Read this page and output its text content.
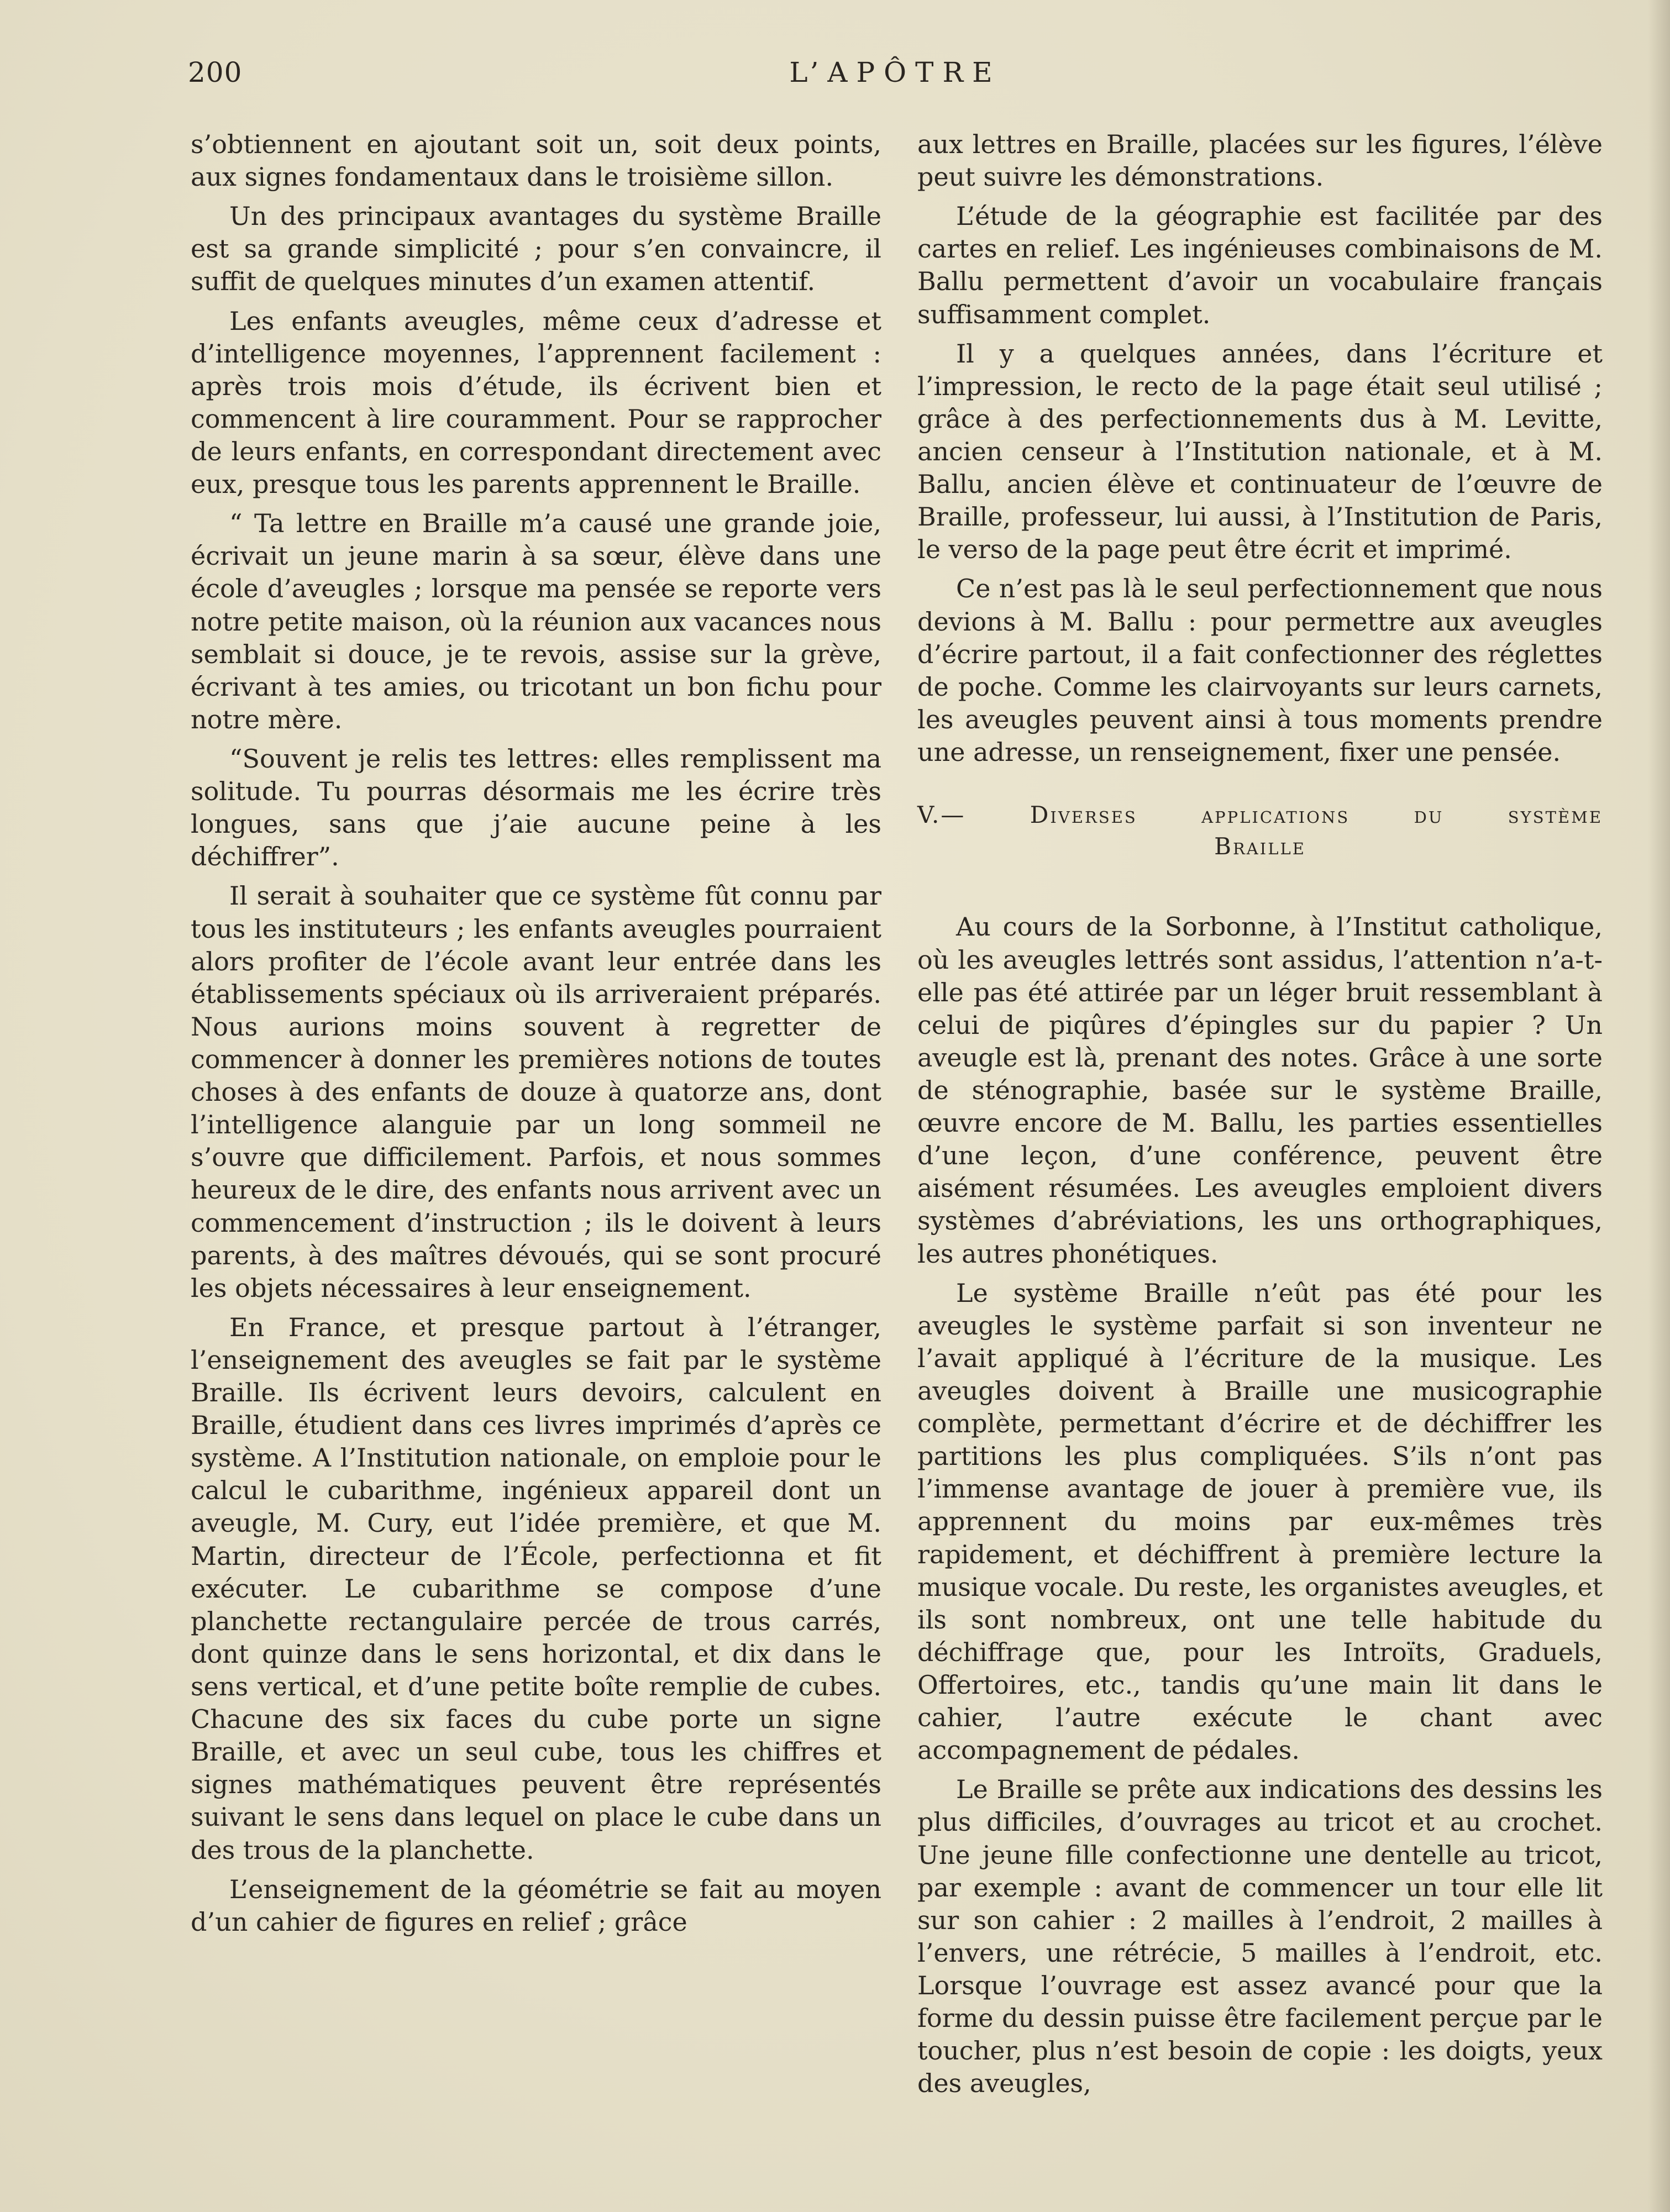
200	L’APÔTRE

s’obtiennent en ajoutant soit un, soit deux points, aux signes fondamentaux dans le troisième sillon.

Un des principaux avantages du système Braille est sa grande simplicité ; pour s’en convaincre, il suffit de quelques minutes d’un examen attentif.

Les enfants aveugles, même ceux d’adresse et d’intelligence moyennes, l’apprennent facilement : après trois mois d’étude, ils écrivent bien et commencent à lire couramment. Pour se rapprocher de leurs enfants, en correspondant directement avec eux, presque tous les parents apprennent le Braille.

“ Ta lettre en Braille m’a causé une grande joie, écrivait un jeune marin à sa sœur, élève dans une école d’aveugles ; lorsque ma pensée se reporte vers notre petite maison, où la réunion aux vacances nous semblait si douce, je te revois, assise sur la grève, écrivant à tes amies, ou tricotant un bon fichu pour notre mère.

“Souvent je relis tes lettres: elles remplissent ma solitude. Tu pourras désormais me les écrire très longues, sans que j’aie aucune peine à les déchiffrer”.

Il serait à souhaiter que ce système fût connu par tous les instituteurs ; les enfants aveugles pourraient alors profiter de l’école avant leur entrée dans les établissements spéciaux où ils arriveraient préparés. Nous aurions moins souvent à regretter de commencer à donner les premières notions de toutes choses à des enfants de douze à quatorze ans, dont l’intelligence alanguie par un long sommeil ne s’ouvre que difficilement. Parfois, et nous sommes heureux de le dire, des enfants nous arrivent avec un commencement d’instruction ; ils le doivent à leurs parents, à des maîtres dévoués, qui se sont procuré les objets nécessaires à leur enseignement.

En France, et presque partout à l’étranger, l’enseignement des aveugles se fait par le système Braille. Ils écrivent leurs devoirs, calculent en Braille, étudient dans ces livres imprimés d’après ce système. A l’Institution nationale, on emploie pour le calcul le cubarithme, ingénieux appareil dont un aveugle, M. Cury, eut l’idée première, et que M. Martin, directeur de l’École, perfectionna et fit exécuter. Le cubarithme se compose d’une planchette rectangulaire percée de trous carrés, dont quinze dans le sens horizontal, et dix dans le sens vertical, et d’une petite boîte remplie de cubes. Chacune des six faces du cube porte un signe Braille, et avec un seul cube, tous les chiffres et signes mathématiques peuvent être représentés suivant le sens dans lequel on place le cube dans un des trous de la planchette.

L’enseignement de la géométrie se fait au moyen d’un cahier de figures en relief ; grâce

aux lettres en Braille, placées sur les figures, l’élève peut suivre les démonstrations.

L’étude de la géographie est facilitée par des cartes en relief. Les ingénieuses combinaisons de M. Ballu permettent d’avoir un vocabulaire français suffisamment complet.

Il y a quelques années, dans l’écriture et l’impression, le recto de la page était seul utilisé ; grâce à des perfectionnements dus à M. Levitte, ancien censeur à l’Institution nationale, et à M. Ballu, ancien élève et continuateur de l’œuvre de Braille, professeur, lui aussi, à l’Institution de Paris, le verso de la page peut être écrit et imprimé.

Ce n’est pas là le seul perfectionnement que nous devions à M. Ballu : pour permettre aux aveugles d’écrire partout, il a fait confectionner des réglettes de poche. Comme les clairvoyants sur leurs carnets, les aveugles peuvent ainsi à tous moments prendre une adresse, un renseignement, fixer une pensée.

V.— Diverses applications du système
Braille

Au cours de la Sorbonne, à l’Institut catholique, où les aveugles lettrés sont assidus, l’attention n’a-t-elle pas été attirée par un léger bruit ressemblant à celui de piqûres d’épingles sur du papier ? Un aveugle est là, prenant des notes. Grâce à une sorte de sténographie, basée sur le système Braille, œuvre encore de M. Ballu, les parties essentielles d’une leçon, d’une conférence, peuvent être aisément résumées. Les aveugles emploient divers systèmes d’abréviations, les uns orthographiques, les autres phonétiques.

Le système Braille n’eût pas été pour les aveugles le système parfait si son inventeur ne l’avait appliqué à l’écriture de la musique. Les aveugles doivent à Braille une musicographie complète, permettant d’écrire et de déchiffrer les partitions les plus compliquées. S’ils n’ont pas l’immense avantage de jouer à première vue, ils apprennent du moins par eux-mêmes très rapidement, et déchiffrent à première lecture la musique vocale. Du reste, les organistes aveugles, et ils sont nombreux, ont une telle habitude du déchiffrage que, pour les Introïts, Graduels, Offertoires, etc., tandis qu’une main lit dans le cahier, l’autre exécute le chant avec accompagnement de pédales.

Le Braille se prête aux indications des dessins les plus difficiles, d’ouvrages au tricot et au crochet. Une jeune fille confectionne une dentelle au tricot, par exemple : avant de commencer un tour elle lit sur son cahier : 2 mailles à l’endroit, 2 mailles à l’envers, une rétrécie, 5 mailles à l’endroit, etc. Lorsque l’ouvrage est assez avancé pour que la forme du dessin puisse être facilement perçue par le toucher, plus n’est besoin de copie : les doigts, yeux des aveugles,
